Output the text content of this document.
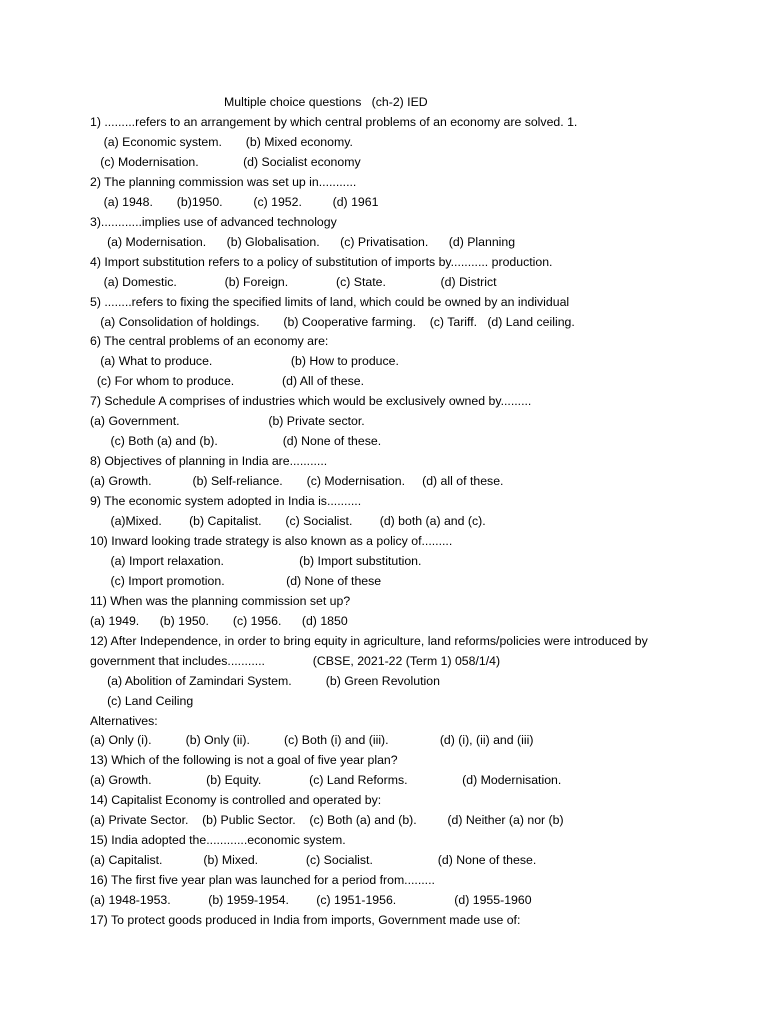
Multiple choice questions   (ch-2) IED
1) .........refers to an arrangement by which central problems of an economy are solved. 1.
(a) Economic system.       (b) Mixed economy.
(c) Modernisation.             (d) Socialist economy
2) The planning commission was set up in...........
(a) 1948.       (b)1950.         (c) 1952.         (d) 1961
3)............implies use of advanced technology
(a) Modernisation.      (b) Globalisation.      (c) Privatisation.      (d) Planning
4) Import substitution refers to a policy of substitution of imports by........... production.
(a) Domestic.              (b) Foreign.              (c) State.                (d) District
5) ........refers to fixing the specified limits of land, which could be owned by an individual
(a) Consolidation of holdings.       (b) Cooperative farming.    (c) Tariff.   (d) Land ceiling.
6) The central problems of an economy are:
(a) What to produce.                       (b) How to produce.
(c) For whom to produce.              (d) All of these.
7) Schedule A comprises of industries which would be exclusively owned by.........
(a) Government.                          (b) Private sector.
(c) Both (a) and (b).                   (d) None of these.
8) Objectives of planning in India are...........
(a) Growth.            (b) Self-reliance.       (c) Modernisation.     (d) all of these.
9) The economic system adopted in India is..........
(a)Mixed.        (b) Capitalist.       (c) Socialist.        (d) both (a) and (c).
10) Inward looking trade strategy is also known as a policy of.........
(a) Import relaxation.                      (b) Import substitution.
(c) Import promotion.                  (d) None of these
11) When was the planning commission set up?
(a) 1949.      (b) 1950.       (c) 1956.      (d) 1850
12) After Independence, in order to bring equity in agriculture, land reforms/policies were introduced by
government that includes...........              (CBSE, 2021-22 (Term 1) 058/1/4)
(a) Abolition of Zamindari System.          (b) Green Revolution
(c) Land Ceiling
Alternatives:
(a) Only (i).          (b) Only (ii).          (c) Both (i) and (iii).               (d) (i), (ii) and (iii)
13) Which of the following is not a goal of five year plan?
(a) Growth.                (b) Equity.              (c) Land Reforms.                (d) Modernisation.
14) Capitalist Economy is controlled and operated by:
(a) Private Sector.    (b) Public Sector.    (c) Both (a) and (b).         (d) Neither (a) nor (b)
15) India adopted the............economic system.
(a) Capitalist.            (b) Mixed.              (c) Socialist.                   (d) None of these.
16) The first five year plan was launched for a period from.........
(a) 1948-1953.           (b) 1959-1954.        (c) 1951-1956.                 (d) 1955-1960
17) To protect goods produced in India from imports, Government made use of:
